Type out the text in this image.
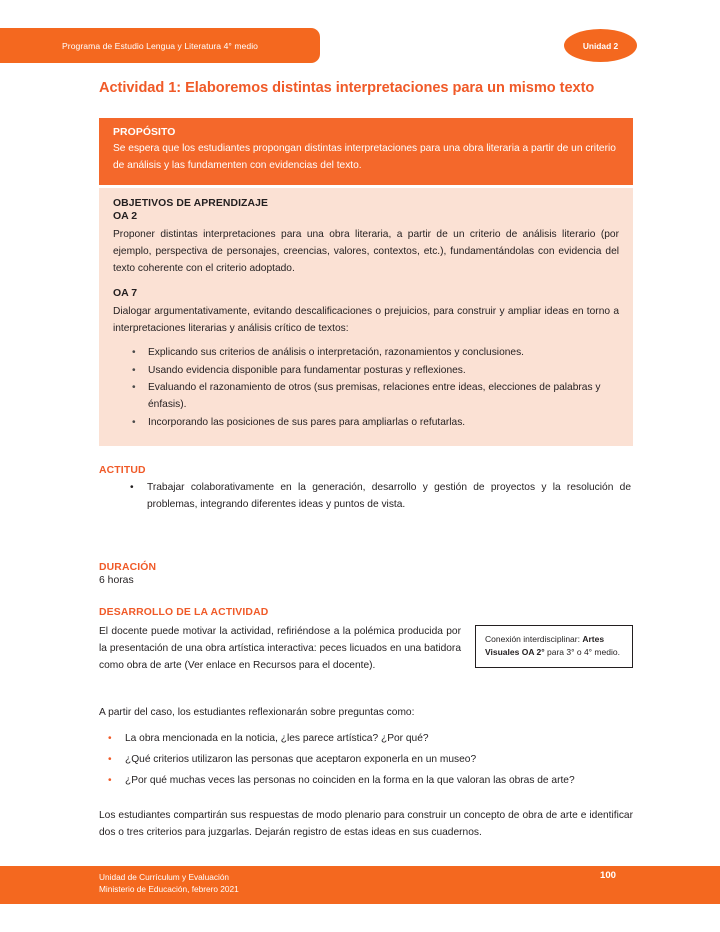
Programa de Estudio Lengua y Literatura 4° medio	Unidad 2
Actividad 1: Elaboremos distintas interpretaciones para un mismo texto
PROPÓSITO
Se espera que los estudiantes propongan distintas interpretaciones para una obra literaria a partir de un criterio de análisis y las fundamenten con evidencias del texto.
OBJETIVOS DE APRENDIZAJE
OA 2
Proponer distintas interpretaciones para una obra literaria, a partir de un criterio de análisis literario (por ejemplo, perspectiva de personajes, creencias, valores, contextos, etc.), fundamentándolas con evidencia del texto coherente con el criterio adoptado.
OA 7
Dialogar argumentativamente, evitando descalificaciones o prejuicios, para construir y ampliar ideas en torno a interpretaciones literarias y análisis crítico de textos:
• Explicando sus criterios de análisis o interpretación, razonamientos y conclusiones.
• Usando evidencia disponible para fundamentar posturas y reflexiones.
• Evaluando el razonamiento de otros (sus premisas, relaciones entre ideas, elecciones de palabras y énfasis).
• Incorporando las posiciones de sus pares para ampliarlas o refutarlas.
ACTITUD
• Trabajar colaborativamente en la generación, desarrollo y gestión de proyectos y la resolución de problemas, integrando diferentes ideas y puntos de vista.
DURACIÓN
6 horas
DESARROLLO DE LA ACTIVIDAD
El docente puede motivar la actividad, refiriéndose a la polémica producida por la presentación de una obra artística interactiva: peces licuados en una batidora como obra de arte (Ver enlace en Recursos para el docente).
Conexión interdisciplinar: Artes Visuales OA 2° para 3° o 4° medio.
A partir del caso, los estudiantes reflexionarán sobre preguntas como:
• La obra mencionada en la noticia, ¿les parece artística? ¿Por qué?
• ¿Qué criterios utilizaron las personas que aceptaron exponerla en un museo?
• ¿Por qué muchas veces las personas no coinciden en la forma en la que valoran las obras de arte?
Los estudiantes compartirán sus respuestas de modo plenario para construir un concepto de obra de arte e identificar dos o tres criterios para juzgarlas. Dejarán registro de estas ideas en sus cuadernos.
Unidad de Currículum y Evaluación
Ministerio de Educación, febrero 2021
100
